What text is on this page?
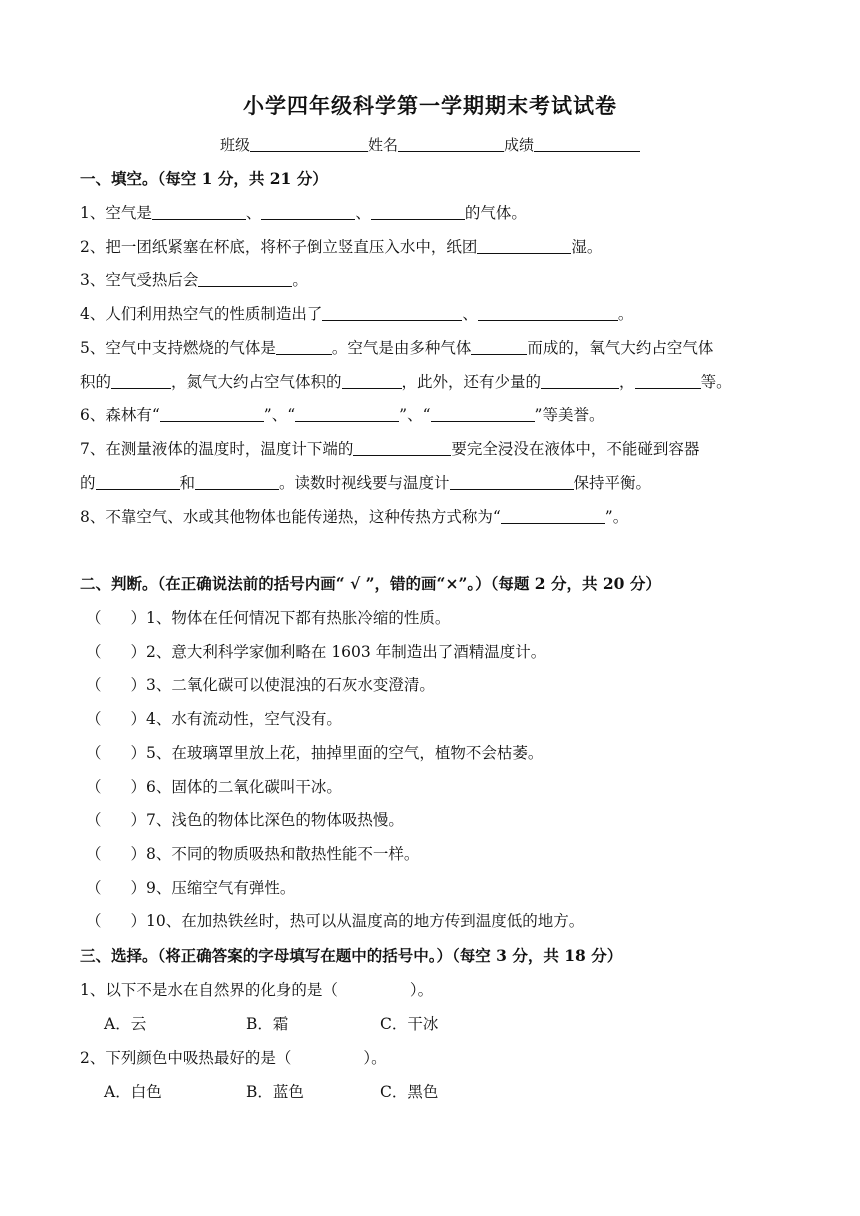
小学四年级科学第一学期期末考试试卷
班级	姓名	成绩
一、填空。（每空 1 分，共 21 分）
1、空气是	、	、	的气体。
2、把一团纸紧塞在杯底，将杯子倒立竖直压入水中，纸团	湿。
3、空气受热后会	。
4、人们利用热空气的性质制造出了	、	。
5、空气中支持燃烧的气体是	。空气是由多种气体	而成的，氧气大约占空气体
积的	，氮气大约占空气体积的	，此外，还有少量的	，	等。
6、森林有“	”、“	”、“	”等美誉。
7、在测量液体的温度时，温度计下端的	要完全浸没在液体中，不能碰到容器
的	和	。读数时视线要与温度计	保持平衡。
8、不靠空气、水或其他物体也能传递热，这种传热方式称为“	”。
二、判断。（在正确说法前的括号内画“ √ ”，错的画“×”。）（每题 2 分，共 20 分）
（ ）1、物体在任何情况下都有热胀冷缩的性质。
（ ）2、意大利科学家伽利略在 1603 年制造出了酒精温度计。
（ ）3、二氧化碳可以使混浊的石灰水变澄清。
（ ）4、水有流动性，空气没有。
（ ）5、在玻璃罩里放上花，抽掉里面的空气，植物不会枯萎。
（ ）6、固体的二氧化碳叫干冰。
（ ）7、浅色的物体比深色的物体吸热慢。
（ ）8、不同的物质吸热和散热性能不一样。
（ ）9、压缩空气有弹性。
（ ）10、在加热铁丝时，热可以从温度高的地方传到温度低的地方。
三、选择。（将正确答案的字母填写在题中的括号中。）（每空 3 分，共 18 分）
1、以下不是水在自然界的化身的是（	）。
A．云	B．霜	C．干冰
2、下列颜色中吸热最好的是（	）。
A．白色	B．蓝色	C．黑色
